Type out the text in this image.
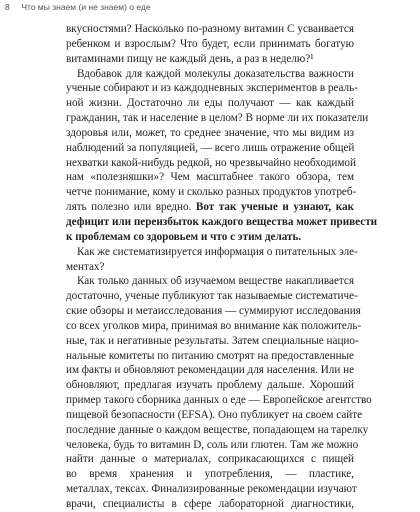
8 Что мы знаем (и не знаем) о еде
вкусностями? Насколько по-разному витамин С усваивается
ребенком и взрослым? Что будет, если принимать богатую
витаминами пищу не каждый день, а раз в неделю?¹
Вдобавок для каждой молекулы доказательства важности
ученые собирают и из каждодневных экспериментов в реаль-
ной жизни. Достаточно ли еды получают — как каждый
гражданин, так и население в целом? В норме ли их показатели
здоровья или, может, то среднее значение, что мы видим из
наблюдений за популяцией, — всего лишь отражение общей
нехватки какой-нибудь редкой, но чрезвычайно необходимой
нам «полезняшки»? Чем масштабнее такого обзора, тем
четче понимание, кому и сколько разных продуктов употреб-
лять полезно или вредно. Вот так ученые и узнают, как
дефицит или переизбыток каждого вещества может привести
к проблемам со здоровьем и что с этим делать.
Как же систематизируется информация о питательных эле-
ментах?
Как только данных об изучаемом веществе накапливается
достаточно, ученые публикуют так называемые систематиче-
ские обзоры и метаисследования — суммируют исследования
со всех уголков мира, принимая во внимание как положитель-
ные, так и негативные результаты. Затем специальные нацио-
нальные комитеты по питанию смотрят на предоставленные
им факты и обновляют рекомендации для населения. Или не
обновляют, предлагая изучать проблему дальше. Хороший
пример такого сборника данных о еде — Европейское агентство
пищевой безопасности (EFSA). Оно публикует на своем сайте
последние данные о каждом веществе, попадающем на тарелку
человека, будь то витамин D, соль или глютен. Там же можно
найти данные о материалах, соприкасающихся с пищей
во время хранения и употребления, — пластике,
металлах, тексах. Финализированные рекомендации изучают
врачи, специалисты в сфере лабораторной диагностики,
